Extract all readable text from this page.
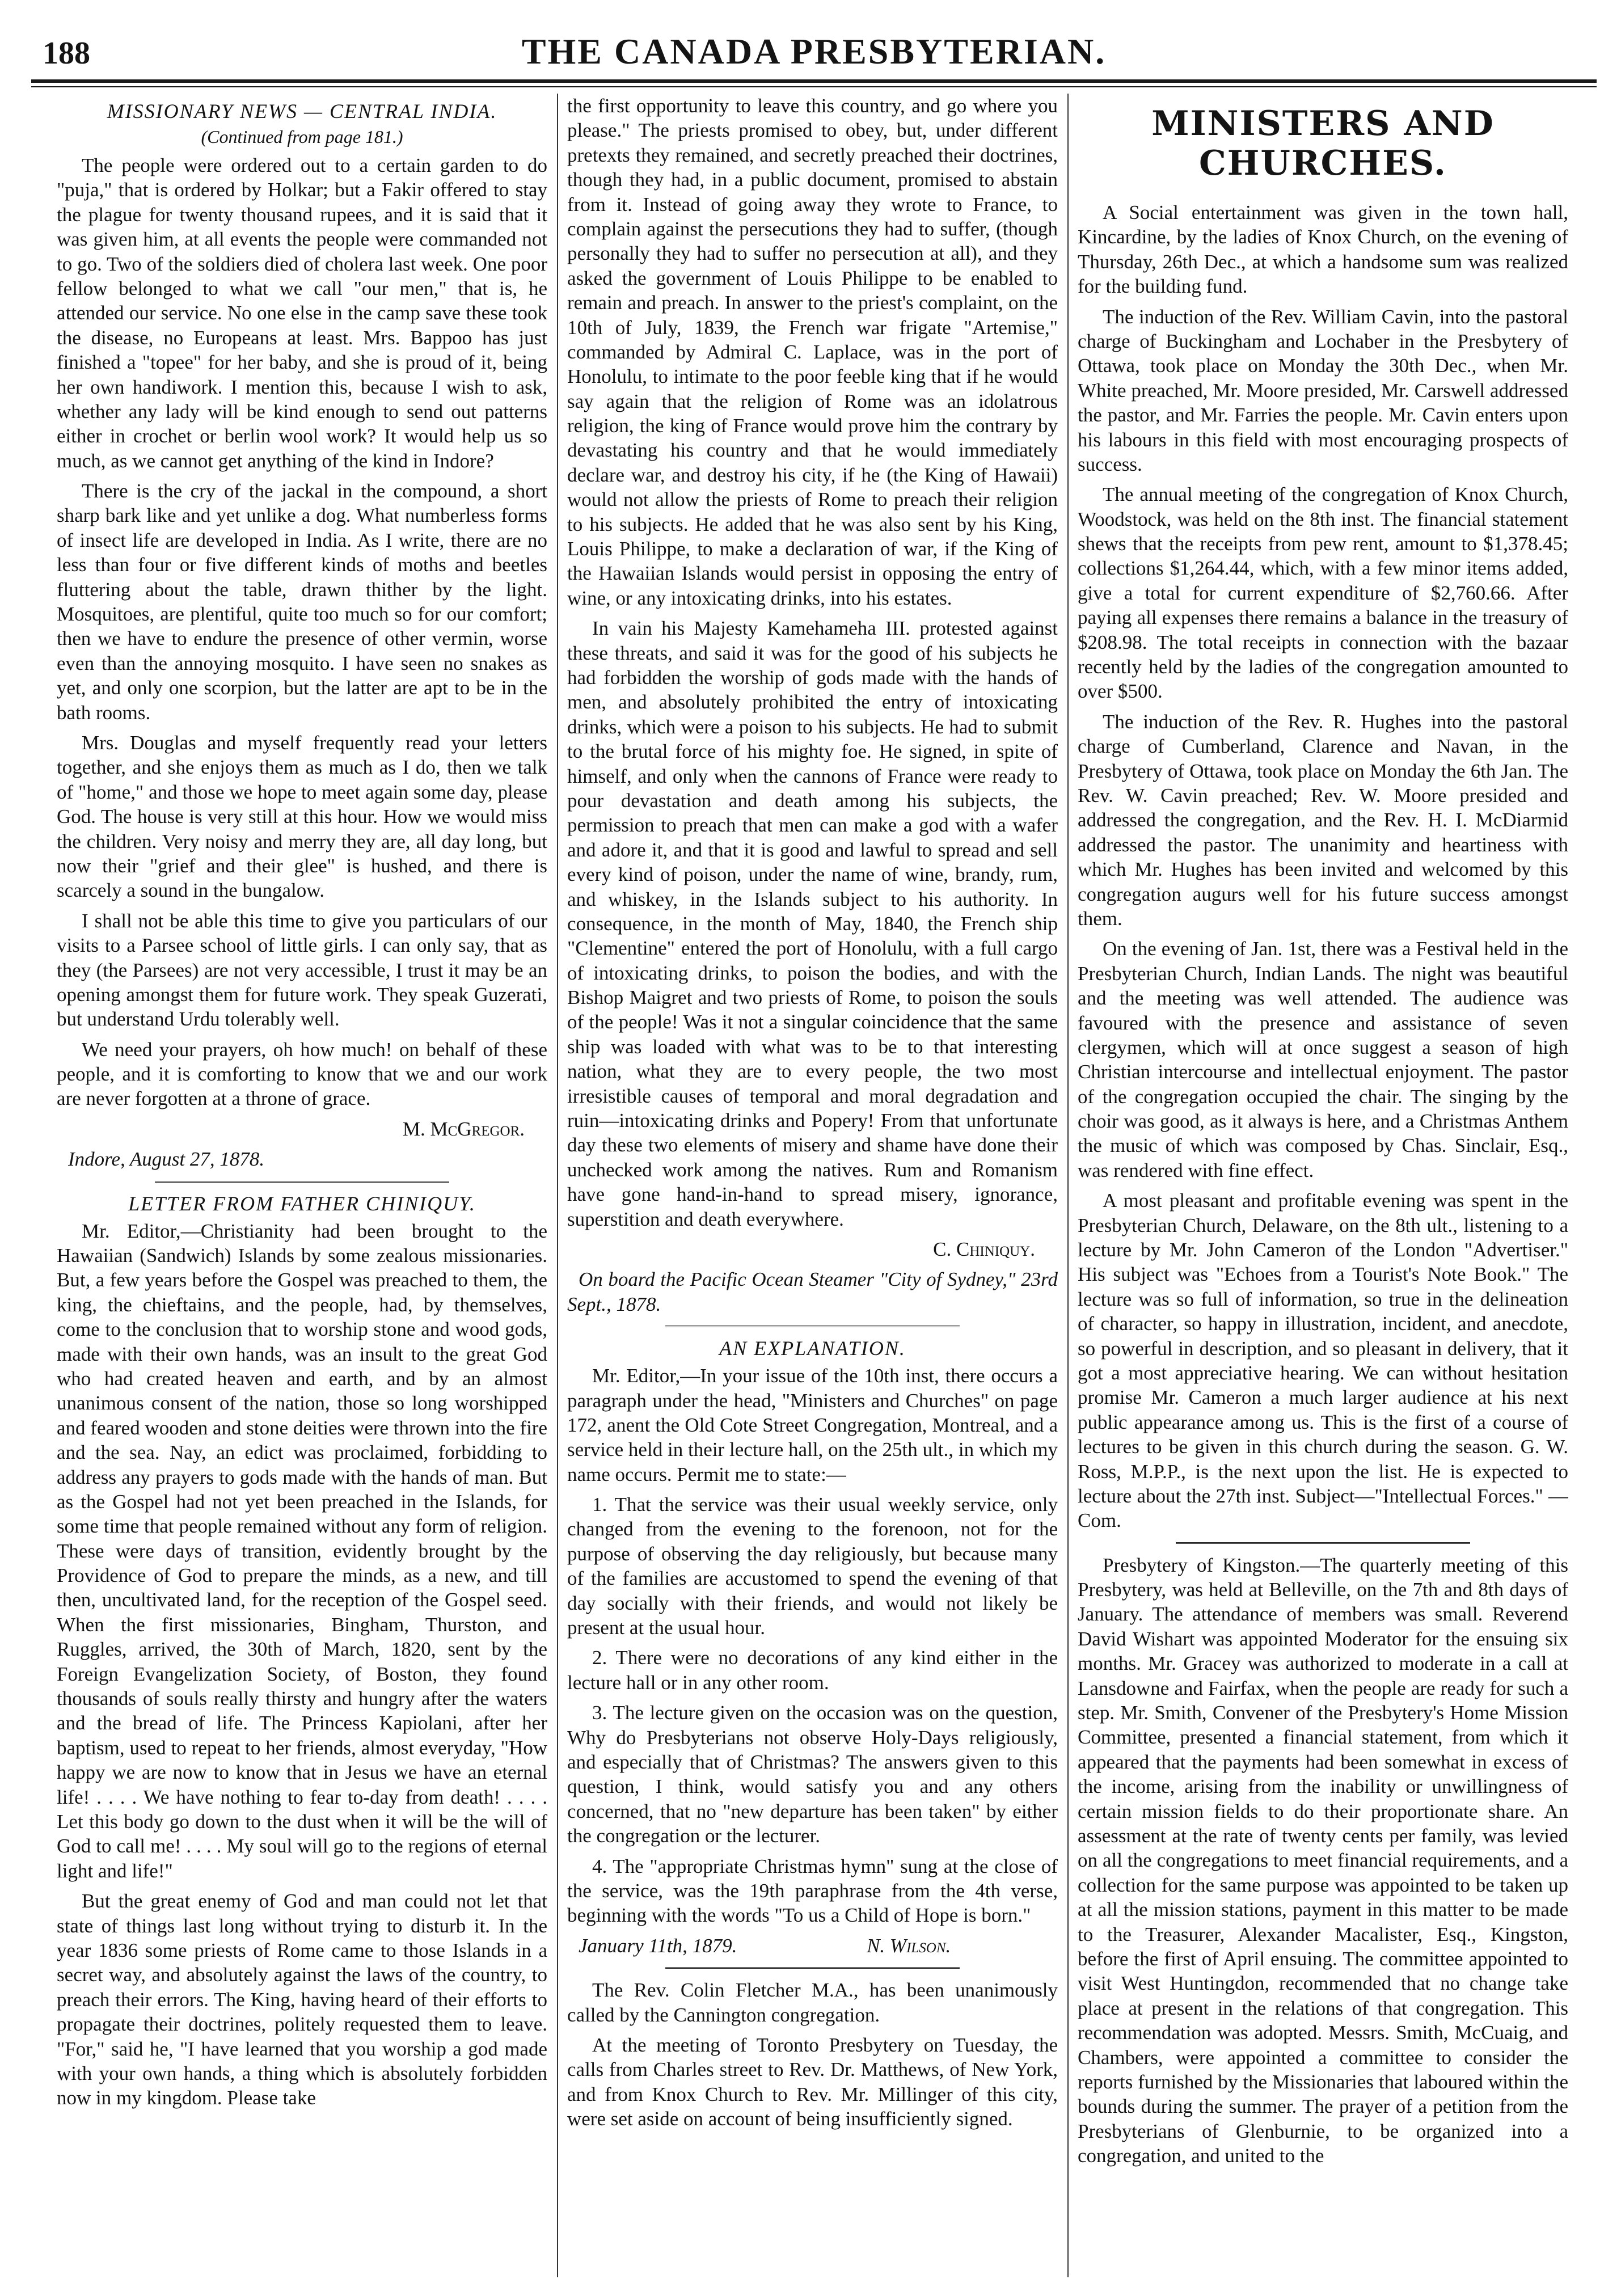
188	THE CANADA PRESBYTERIAN.
MISSIONARY NEWS — CENTRAL INDIA.
(Continued from page 181.)

The people were ordered out to a certain garden to do "puja," that is ordered by Holkar; but a Fakir offered to stay the plague for twenty thousand rupees, and it is said that it was given him, at all events the people were commanded not to go. Two of the soldiers died of cholera last week. One poor fellow belonged to what we call "our men," that is, he attended our service. No one else in the camp save these took the disease, no Europeans at least. Mrs. Bappoo has just finished a "topee" for her baby, and she is proud of it, being her own handiwork. I mention this, because I wish to ask, whether any lady will be kind enough to send out patterns either in crochet or berlin wool work? It would help us so much, as we cannot get anything of the kind in Indore?

There is the cry of the jackal in the compound, a short sharp bark like and yet unlike a dog. What numberless forms of insect life are developed in India. As I write, there are no less than four or five different kinds of moths and beetles fluttering about the table, drawn thither by the light. Mosquitoes, are plentiful, quite too much so for our comfort; then we have to endure the presence of other vermin, worse even than the annoying mosquito. I have seen no snakes as yet, and only one scorpion, but the latter are apt to be in the bath rooms.

Mrs. Douglas and myself frequently read your letters together, and she enjoys them as much as I do, then we talk of "home," and those we hope to meet again some day, please God. The house is very still at this hour. How we would miss the children. Very noisy and merry they are, all day long, but now their "grief and their glee" is hushed, and there is scarcely a sound in the bungalow.

I shall not be able this time to give you particulars of our visits to a Parsee school of little girls. I can only say, that as they (the Parsees) are not very accessible, I trust it may be an opening amongst them for future work. They speak Guzerati, but understand Urdu tolerably well.

We need your prayers, oh how much! on behalf of these people, and it is comforting to know that we and our work are never forgotten at a throne of grace.

M. McGregor.

Indore, August 27, 1878.

LETTER FROM FATHER CHINIQUY.

Mr. Editor,—Christianity had been brought to the Hawaiian (Sandwich) Islands by some zealous missionaries. But, a few years before the Gospel was preached to them, the king, the chieftains, and the people, had, by themselves, come to the conclusion that to worship stone and wood gods, made with their own hands, was an insult to the great God who had created heaven and earth, and by an almost unanimous consent of the nation, those so long worshipped and feared wooden and stone deities were thrown into the fire and the sea. Nay, an edict was proclaimed, forbidding to address any prayers to gods made with the hands of man. But as the Gospel had not yet been preached in the Islands, for some time that people remained without any form of religion. These were days of transition, evidently brought by the Providence of God to prepare the minds, as a new, and till then, uncultivated land, for the reception of the Gospel seed. When the first missionaries, Bingham, Thurston, and Ruggles, arrived, the 30th of March, 1820, sent by the Foreign Evangelization Society, of Boston, they found thousands of souls really thirsty and hungry after the waters and the bread of life. The Princess Kapiolani, after her baptism, used to repeat to her friends, almost everyday, "How happy we are now to know that in Jesus we have an eternal life! . . . . We have nothing to fear to-day from death! . . . . Let this body go down to the dust when it will be the will of God to call me! . . . . My soul will go to the regions of eternal light and life!"

But the great enemy of God and man could not let that state of things last long without trying to disturb it. In the year 1836 some priests of Rome came to those Islands in a secret way, and absolutely against the laws of the country, to preach their errors. The King, having heard of their efforts to propagate their doctrines, politely requested them to leave. "For," said he, "I have learned that you worship a god made with your own hands, a thing which is absolutely forbidden now in my kingdom. Please take

the first opportunity to leave this country, and go where you please." The priests promised to obey, but, under different pretexts they remained, and secretly preached their doctrines, though they had, in a public document, promised to abstain from it. Instead of going away they wrote to France, to complain against the persecutions they had to suffer, (though personally they had to suffer no persecution at all), and they asked the government of Louis Philippe to be enabled to remain and preach. In answer to the priest's complaint, on the 10th of July, 1839, the French war frigate "Artemise," commanded by Admiral C. Laplace, was in the port of Honolulu, to intimate to the poor feeble king that if he would say again that the religion of Rome was an idolatrous religion, the king of France would prove him the contrary by devastating his country and that he would immediately declare war, and destroy his city, if he (the King of Hawaii) would not allow the priests of Rome to preach their religion to his subjects. He added that he was also sent by his King, Louis Philippe, to make a declaration of war, if the King of the Hawaiian Islands would persist in opposing the entry of wine, or any intoxicating drinks, into his estates.

In vain his Majesty Kamehameha III. protested against these threats, and said it was for the good of his subjects he had forbidden the worship of gods made with the hands of men, and absolutely prohibited the entry of intoxicating drinks, which were a poison to his subjects. He had to submit to the brutal force of his mighty foe. He signed, in spite of himself, and only when the cannons of France were ready to pour devastation and death among his subjects, the permission to preach that men can make a god with a wafer and adore it, and that it is good and lawful to spread and sell every kind of poison, under the name of wine, brandy, rum, and whiskey, in the Islands subject to his authority. In consequence, in the month of May, 1840, the French ship "Clementine" entered the port of Honolulu, with a full cargo of intoxicating drinks, to poison the bodies, and with the Bishop Maigret and two priests of Rome, to poison the souls of the people! Was it not a singular coincidence that the same ship was loaded with what was to be to that interesting nation, what they are to every people, the two most irresistible causes of temporal and moral degradation and ruin—intoxicating drinks and Popery! From that unfortunate day these two elements of misery and shame have done their unchecked work among the natives. Rum and Romanism have gone hand-in-hand to spread misery, ignorance, superstition and death everywhere.

C. Chiniquy.

On board the Pacific Ocean Steamer "City of Sydney," 23rd Sept., 1878.

AN EXPLANATION.

Mr. Editor,—In your issue of the 10th inst, there occurs a paragraph under the head, "Ministers and Churches" on page 172, anent the Old Cote Street Congregation, Montreal, and a service held in their lecture hall, on the 25th ult., in which my name occurs. Permit me to state:—

1. That the service was their usual weekly service, only changed from the evening to the forenoon, not for the purpose of observing the day religiously, but because many of the families are accustomed to spend the evening of that day socially with their friends, and would not likely be present at the usual hour.

2. There were no decorations of any kind either in the lecture hall or in any other room.

3. The lecture given on the occasion was on the question, Why do Presbyterians not observe Holy-Days religiously, and especially that of Christmas? The answers given to this question, I think, would satisfy you and any others concerned, that no "new departure has been taken" by either the congregation or the lecturer.

4. The "appropriate Christmas hymn" sung at the close of the service, was the 19th paraphrase from the 4th verse, beginning with the words "To us a Child of Hope is born."

January 11th, 1879.	N. Wilson.

The Rev. Colin Fletcher M.A., has been unanimously called by the Cannington congregation.

At the meeting of Toronto Presbytery on Tuesday, the calls from Charles street to Rev. Dr. Matthews, of New York, and from Knox Church to Rev. Mr. Millinger of this city, were set aside on account of being insufficiently signed.

MINISTERS AND CHURCHES.

A Social entertainment was given in the town hall, Kincardine, by the ladies of Knox Church, on the evening of Thursday, 26th Dec., at which a handsome sum was realized for the building fund.

The induction of the Rev. William Cavin, into the pastoral charge of Buckingham and Lochaber in the Presbytery of Ottawa, took place on Monday the 30th Dec., when Mr. White preached, Mr. Moore presided, Mr. Carswell addressed the pastor, and Mr. Farries the people. Mr. Cavin enters upon his labours in this field with most encouraging prospects of success.

The annual meeting of the congregation of Knox Church, Woodstock, was held on the 8th inst. The financial statement shews that the receipts from pew rent, amount to $1,378.45; collections $1,264.44, which, with a few minor items added, give a total for current expenditure of $2,760.66. After paying all expenses there remains a balance in the treasury of $208.98. The total receipts in connection with the bazaar recently held by the ladies of the congregation amounted to over $500.

The induction of the Rev. R. Hughes into the pastoral charge of Cumberland, Clarence and Navan, in the Presbytery of Ottawa, took place on Monday the 6th Jan. The Rev. W. Cavin preached; Rev. W. Moore presided and addressed the congregation, and the Rev. H. I. McDiarmid addressed the pastor. The unanimity and heartiness with which Mr. Hughes has been invited and welcomed by this congregation augurs well for his future success amongst them.

On the evening of Jan. 1st, there was a Festival held in the Presbyterian Church, Indian Lands. The night was beautiful and the meeting was well attended. The audience was favoured with the presence and assistance of seven clergymen, which will at once suggest a season of high Christian intercourse and intellectual enjoyment. The pastor of the congregation occupied the chair. The singing by the choir was good, as it always is here, and a Christmas Anthem the music of which was composed by Chas. Sinclair, Esq., was rendered with fine effect.

A most pleasant and profitable evening was spent in the Presbyterian Church, Delaware, on the 8th ult., listening to a lecture by Mr. John Cameron of the London "Advertiser." His subject was "Echoes from a Tourist's Note Book." The lecture was so full of information, so true in the delineation of character, so happy in illustration, incident, and anecdote, so powerful in description, and so pleasant in delivery, that it got a most appreciative hearing. We can without hesitation promise Mr. Cameron a much larger audience at his next public appearance among us. This is the first of a course of lectures to be given in this church during the season. G. W. Ross, M.P.P., is the next upon the list. He is expected to lecture about the 27th inst. Subject—"Intellectual Forces." —Com.

Presbytery of Kingston.—The quarterly meeting of this Presbytery, was held at Belleville, on the 7th and 8th days of January. The attendance of members was small. Reverend David Wishart was appointed Moderator for the ensuing six months. Mr. Gracey was authorized to moderate in a call at Lansdowne and Fairfax, when the people are ready for such a step. Mr. Smith, Convener of the Presbytery's Home Mission Committee, presented a financial statement, from which it appeared that the payments had been somewhat in excess of the income, arising from the inability or unwillingness of certain mission fields to do their proportionate share. An assessment at the rate of twenty cents per family, was levied on all the congregations to meet financial requirements, and a collection for the same purpose was appointed to be taken up at all the mission stations, payment in this matter to be made to the Treasurer, Alexander Macalister, Esq., Kingston, before the first of April ensuing. The committee appointed to visit West Huntingdon, recommended that no change take place at present in the relations of that congregation. This recommendation was adopted. Messrs. Smith, McCuaig, and Chambers, were appointed a committee to consider the reports furnished by the Missionaries that laboured within the bounds during the summer. The prayer of a petition from the Presbyterians of Glenburnie, to be organized into a congregation, and united to the
